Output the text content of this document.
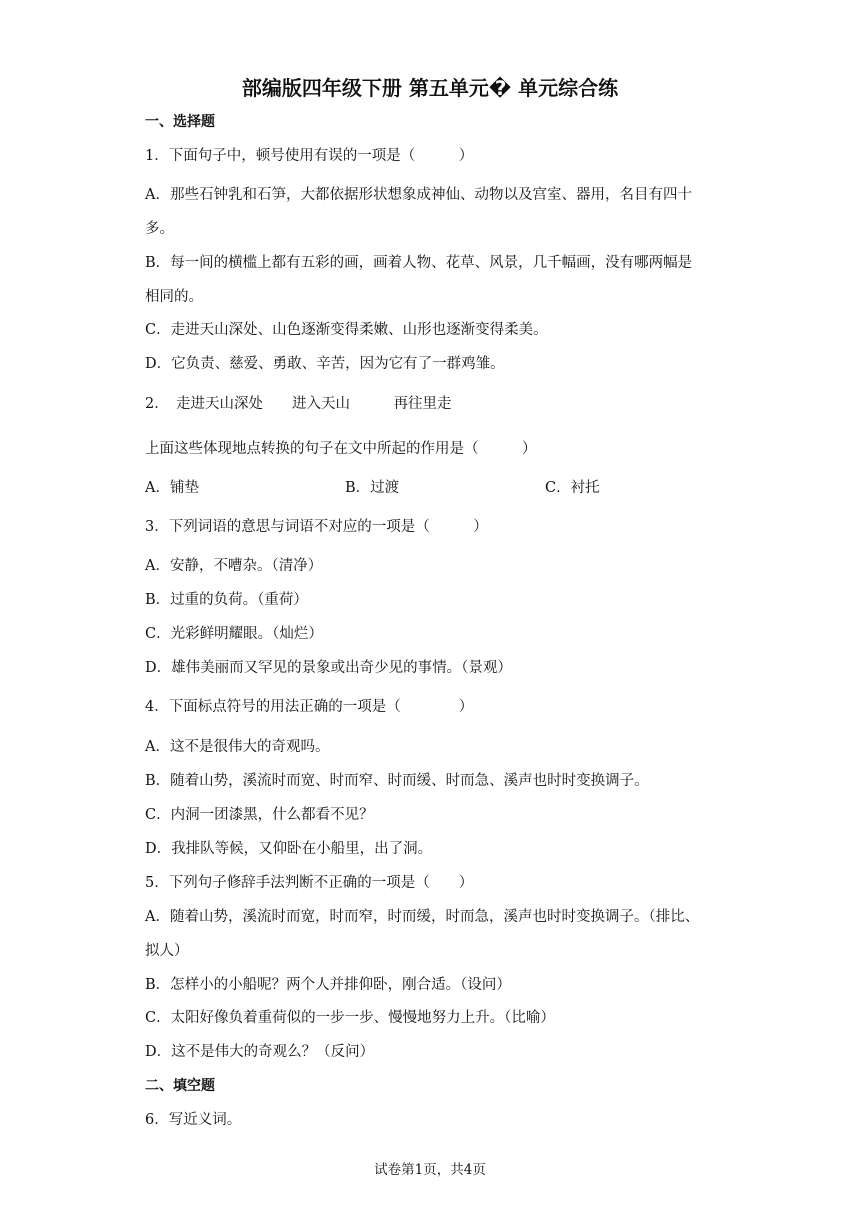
部编版四年级下册 第五单元� 单元综合练
一、选择题
1．下面句子中，顿号使用有误的一项是（　　　）
A．那些石钟乳和石笋，大都依据形状想象成神仙、动物以及宫室、器用，名目有四十
多。
B．每一间的横槛上都有五彩的画，画着人物、花草、风景，几千幅画，没有哪两幅是
相同的。
C．走进天山深处、山色逐渐变得柔嫩、山形也逐渐变得柔美。
D．它负责、慈爱、勇敢、辛苦，因为它有了一群鸡雏。
2．　走进天山深处　　进入天山　　　再往里走
上面这些体现地点转换的句子在文中所起的作用是（　　　）
A．铺垫	B．过渡	C．衬托
3．下列词语的意思与词语不对应的一项是（　　　）
A．安静，不嘈杂。（清净）
B．过重的负荷。（重荷）
C．光彩鲜明耀眼。（灿烂）
D．雄伟美丽而又罕见的景象或出奇少见的事情。（景观）
4．下面标点符号的用法正确的一项是（　　　　）
A．这不是很伟大的奇观吗。
B．随着山势，溪流时而宽、时而窄、时而缓、时而急、溪声也时时变换调子。
C．内洞一团漆黑，什么都看不见？
D．我排队等候，又仰卧在小船里，出了洞。
5．下列句子修辞手法判断不正确的一项是（　　）
A．随着山势，溪流时而宽，时而窄，时而缓，时而急，溪声也时时变换调子。（排比、
拟人）
B．怎样小的小船呢？两个人并排仰卧，刚合适。（设问）
C．太阳好像负着重荷似的一步一步、慢慢地努力上升。（比喻）
D．这不是伟大的奇观么？（反问）
二、填空题
6．写近义词。
试卷第1页，共4页
